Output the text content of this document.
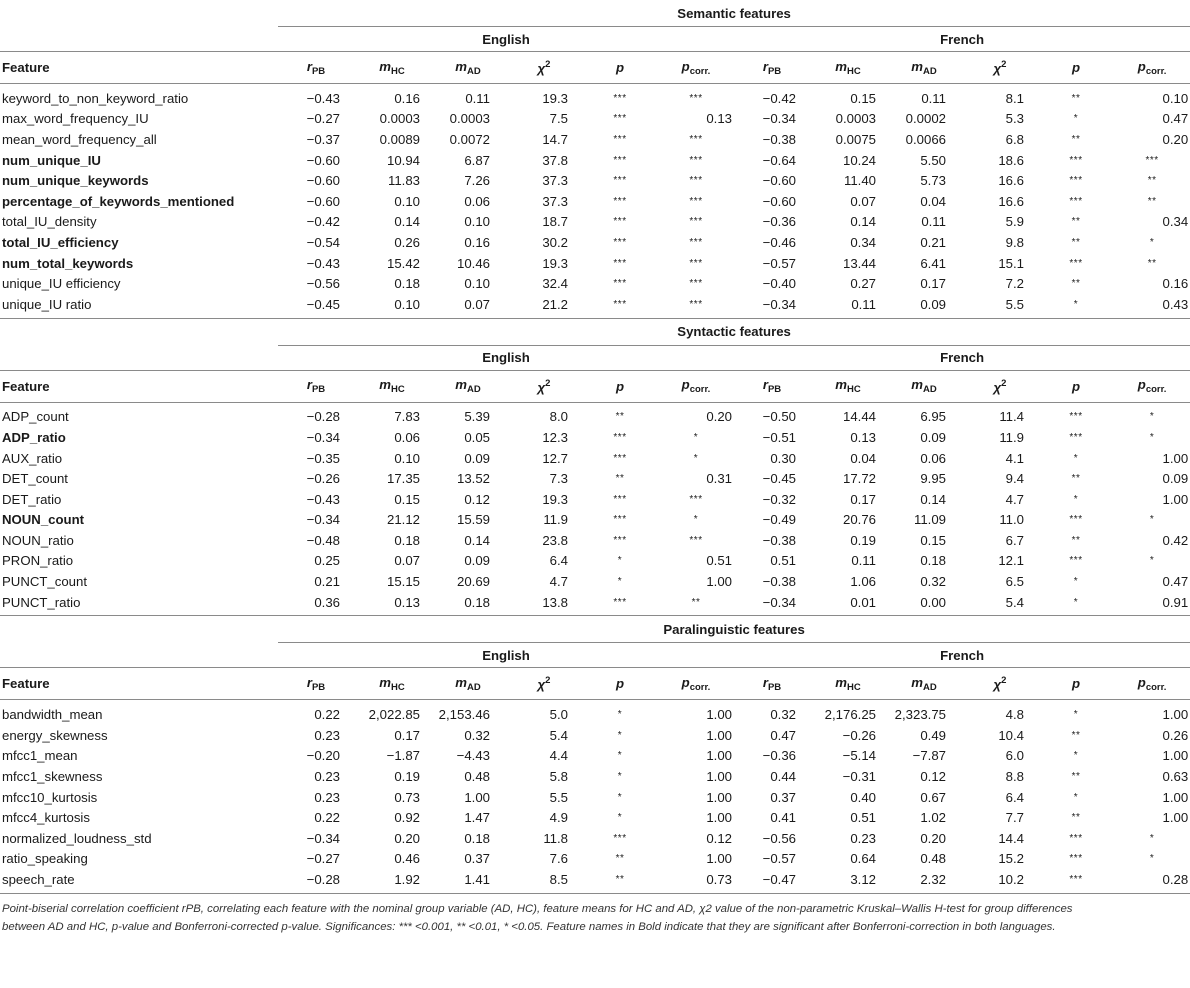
	Semantic features											
	English						French					
Feature	$r_{PB}$	$m_{HC}$	$m_{AD}$	$\chi^2$	p	$p_{corr.}$	$r_{PB}$	$m_{HC}$	$m_{AD}$	$\chi^2$	p	$p_{corr.}$

keyword_to_non_keyword_ratio	−0.43	0.16	0.11	19.3	***	***	−0.42	0.15	0.11	8.1	**	0.10
max_word_frequency_IU	−0.27	0.0003	0.0003	7.5	***	0.13	−0.34	0.0003	0.0002	5.3	*	0.47
mean_word_frequency_all	−0.37	0.0089	0.0072	14.7	***	***	−0.38	0.0075	0.0066	6.8	**	0.20
num_unique_IU	−0.60	10.94	6.87	37.8	***	***	−0.64	10.24	5.50	18.6	***	***
num_unique_keywords	−0.60	11.83	7.26	37.3	***	***	−0.60	11.40	5.73	16.6	***	**
percentage_of_keywords_mentioned	−0.60	0.10	0.06	37.3	***	***	−0.60	0.07	0.04	16.6	***	**
total_IU_density	−0.42	0.14	0.10	18.7	***	***	−0.36	0.14	0.11	5.9	**	0.34
total_IU_efficiency	−0.54	0.26	0.16	30.2	***	***	−0.46	0.34	0.21	9.8	**	*
num_total_keywords	−0.43	15.42	10.46	19.3	***	***	−0.57	13.44	6.41	15.1	***	**
unique_IU efficiency	−0.56	0.18	0.10	32.4	***	***	−0.40	0.27	0.17	7.2	**	0.16
unique_IU ratio	−0.45	0.10	0.07	21.2	***	***	−0.34	0.11	0.09	5.5	*	0.43

	Syntactic features											
	English						French					
Feature	$r_{PB}$	$m_{HC}$	$m_{AD}$	$\chi^2$	p	$p_{corr.}$	$r_{PB}$	$m_{HC}$	$m_{AD}$	$\chi^2$	p	$p_{corr.}$

ADP_count	−0.28	7.83	5.39	8.0	**	0.20	−0.50	14.44	6.95	11.4	***	*
ADP_ratio	−0.34	0.06	0.05	12.3	***	*	−0.51	0.13	0.09	11.9	***	*
AUX_ratio	−0.35	0.10	0.09	12.7	***	*	0.30	0.04	0.06	4.1	*	1.00
DET_count	−0.26	17.35	13.52	7.3	**	0.31	−0.45	17.72	9.95	9.4	**	0.09
DET_ratio	−0.43	0.15	0.12	19.3	***	***	−0.32	0.17	0.14	4.7	*	1.00
NOUN_count	−0.34	21.12	15.59	11.9	***	*	−0.49	20.76	11.09	11.0	***	*
NOUN_ratio	−0.48	0.18	0.14	23.8	***	***	−0.38	0.19	0.15	6.7	**	0.42
PRON_ratio	0.25	0.07	0.09	6.4	*	0.51	0.51	0.11	0.18	12.1	***	*
PUNCT_count	0.21	15.15	20.69	4.7	*	1.00	−0.38	1.06	0.32	6.5	*	0.47
PUNCT_ratio	0.36	0.13	0.18	13.8	***	**	−0.34	0.01	0.00	5.4	*	0.91

	Paralinguistic features											
	English						French					
Feature	$r_{PB}$	$m_{HC}$	$m_{AD}$	$\chi^2$	p	$p_{corr.}$	$r_{PB}$	$m_{HC}$	$m_{AD}$	$\chi^2$	p	$p_{corr.}$

bandwidth_mean	0.22	2,022.85	2,153.46	5.0	*	1.00	0.32	2,176.25	2,323.75	4.8	*	1.00
energy_skewness	0.23	0.17	0.32	5.4	*	1.00	0.47	−0.26	0.49	10.4	**	0.26
mfcc1_mean	−0.20	−1.87	−4.43	4.4	*	1.00	−0.36	−5.14	−7.87	6.0	*	1.00
mfcc1_skewness	0.23	0.19	0.48	5.8	*	1.00	0.44	−0.31	0.12	8.8	**	0.63
mfcc10_kurtosis	0.23	0.73	1.00	5.5	*	1.00	0.37	0.40	0.67	6.4	*	1.00
mfcc4_kurtosis	0.22	0.92	1.47	4.9	*	1.00	0.41	0.51	1.02	7.7	**	1.00
normalized_loudness_std	−0.34	0.20	0.18	11.8	***	0.12	−0.56	0.23	0.20	14.4	***	*
ratio_speaking	−0.27	0.46	0.37	7.6	**	1.00	−0.57	0.64	0.48	15.2	***	*
speech_rate	−0.28	1.92	1.41	8.5	**	0.73	−0.47	3.12	2.32	10.2	***	0.28

Point-biserial correlation coefficient rPB, correlating each feature with the nominal group variable (AD, HC), feature means for HC and AD, χ2 value of the non-parametric Kruskal–Wallis H-test for group differences between AD and HC, p-value and Bonferroni-corrected p-value. Significances: *** <0.001, ** <0.01, * <0.05. Feature names in Bold indicate that they are significant after Bonferroni-correction in both languages.
